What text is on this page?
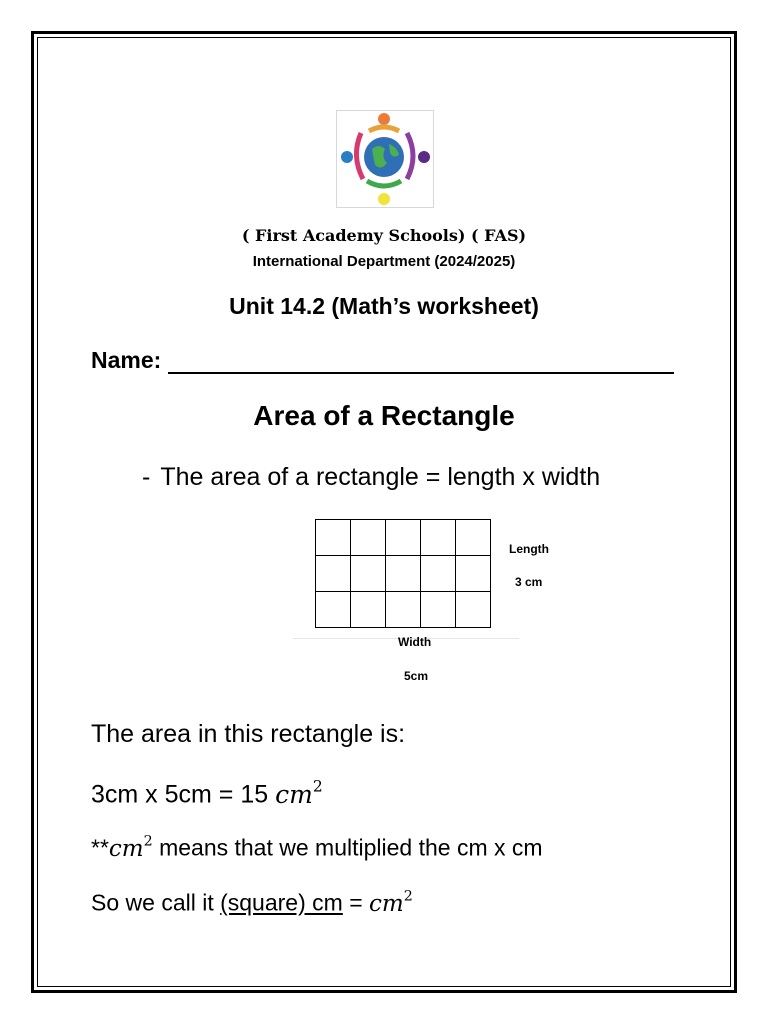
( First Academy Schools) ( FAS)
International Department (2024/2025)
Unit 14.2 (Math’s worksheet)
Name:
Area of a Rectangle
- The area of a rectangle = length x width

Length
3 cm
Width
5cm
The area in this rectangle is:
3cm x 5cm = 15 $cm^2$
$**cm^2$ means that we multiplied the cm x cm
So we call it (square) cm = $cm^2$
